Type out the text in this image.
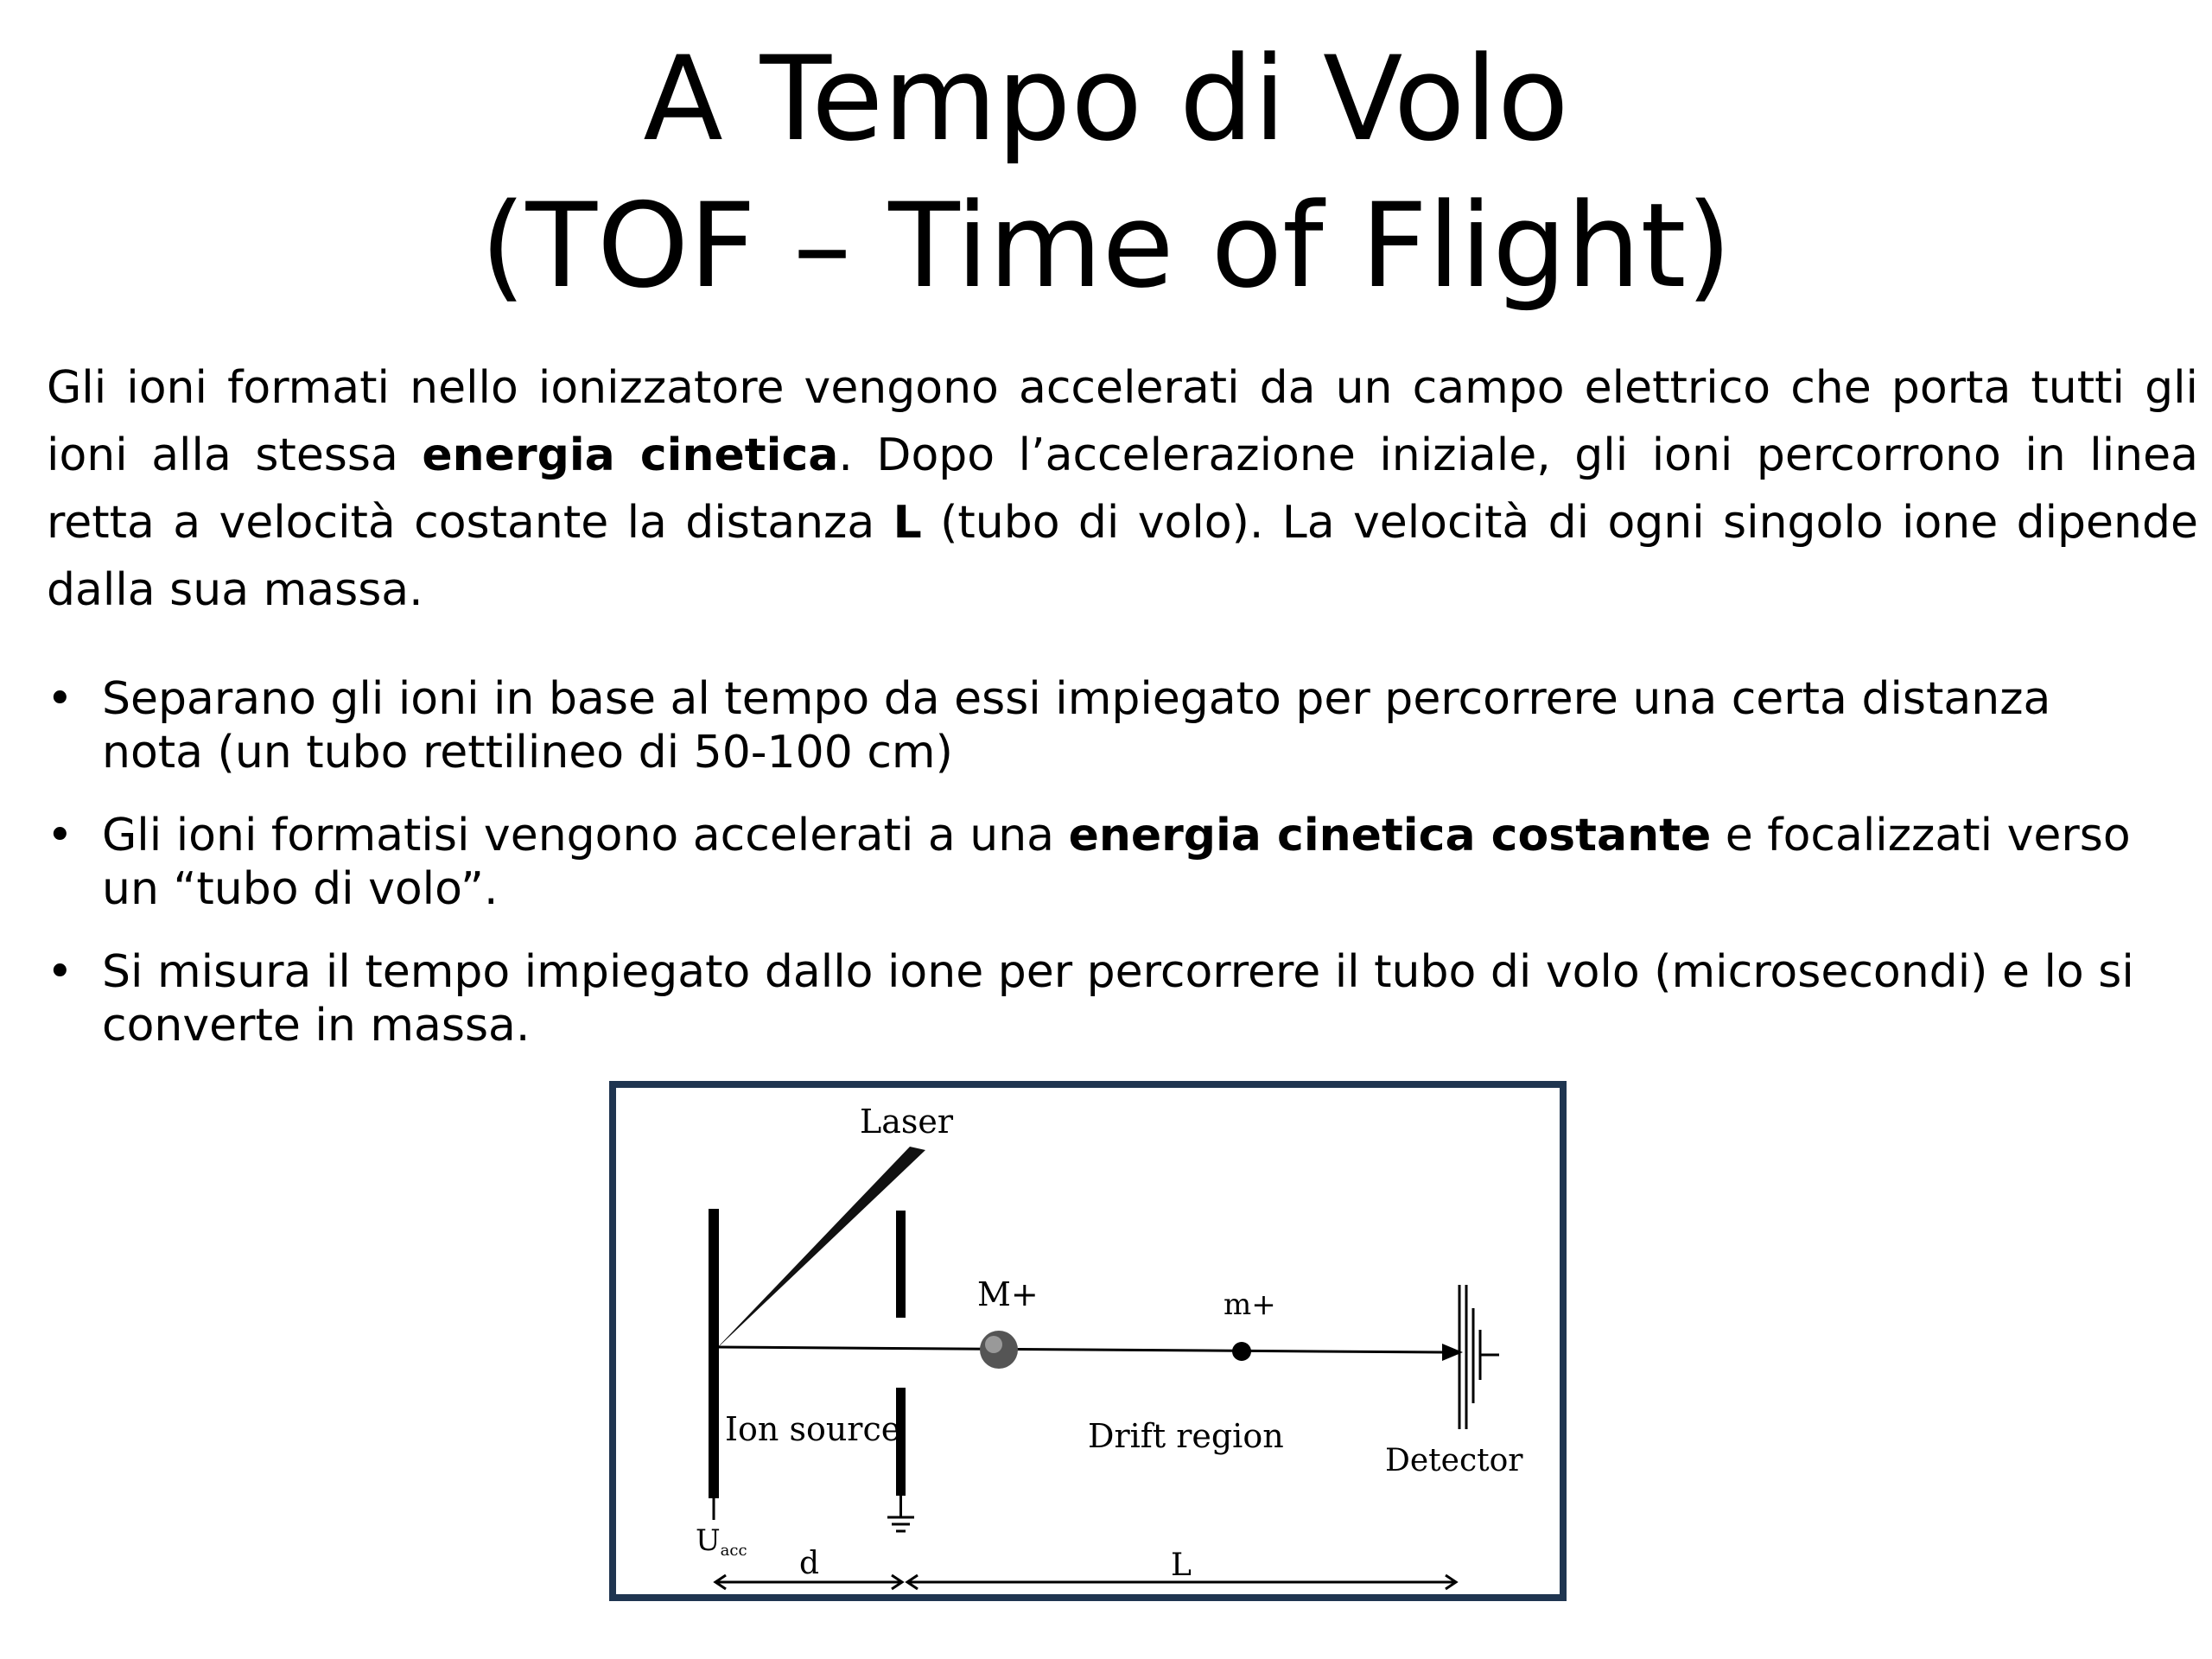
A Tempo di Volo
(TOF – Time of Flight)

Gli ioni formati nello ionizzatore vengono accelerati da un campo elettrico che porta tutti gli ioni alla stessa energia cinetica. Dopo l’accelerazione iniziale, gli ioni percorrono in linea retta a velocità costante la distanza L (tubo di volo). La velocità di ogni singolo ione dipende dalla sua massa.

• Separano gli ioni in base al tempo da essi impiegato per percorrere una certa distanza nota (un tubo rettilineo di 50-100 cm)
• Gli ioni formatisi vengono accelerati a una energia cinetica costante e focalizzati verso un “tubo di volo”.
• Si misura il tempo impiegato dallo ione per percorrere il tubo di volo (microsecondi) e lo si converte in massa.
Laser
Uacc
M+	m+
Detector
Ion source	Drift region
d	L
